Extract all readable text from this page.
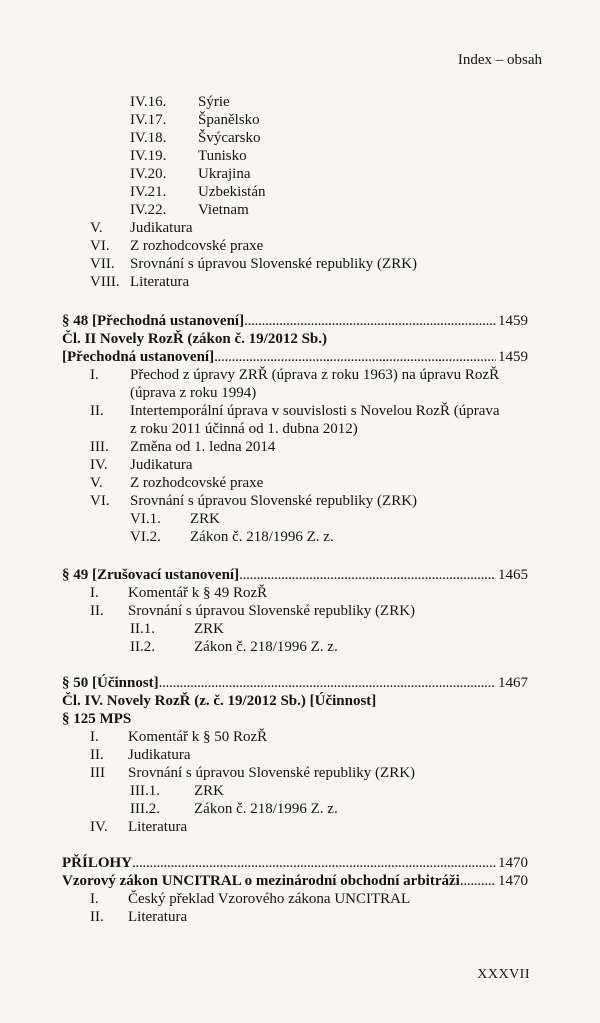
Index – obsah
IV.16. Sýrie
IV.17. Španělsko
IV.18. Švýcarsko
IV.19. Tunisko
IV.20. Ukrajina
IV.21. Uzbekistán
IV.22. Vietnam
V. Judikatura
VI. Z rozhodcovské praxe
VII. Srovnání s úpravou Slovenské republiky (ZRK)
VIII. Literatura
§ 48 [Přechodná ustanovení] . . .	1459
Čl. II Novely RozŘ (zákon č. 19/2012 Sb.)
[Přechodná ustanovení] . . .	1459
I. Přechod z úpravy ZRŘ (úprava z roku 1963) na úpravu RozŘ
(úprava z roku 1994)
II. Intertemporální úprava v souvislosti s Novelou RozŘ (úprava
z roku 2011 účinná od 1. dubna 2012)
III. Změna od 1. ledna 2014
IV. Judikatura
V. Z rozhodcovské praxe
VI. Srovnání s úpravou Slovenské republiky (ZRK)
VI.1. ZRK
VI.2. Zákon č. 218/1996 Z. z.
§ 49 [Zrušovací ustanovení] . . .	1465
I. Komentář k § 49 RozŘ
II. Srovnání s úpravou Slovenské republiky (ZRK)
II.1.	ZRK
II.2.	Zákon č. 218/1996 Z. z.
§ 50 [Účinnost] . . .	1467
Čl. IV. Novely RozŘ (z. č. 19/2012 Sb.) [Účinnost]
§ 125 MPS
I. Komentář k § 50 RozŘ
II. Judikatura
III Srovnání s úpravou Slovenské republiky (ZRK)
III.1. ZRK
III.2. Zákon č. 218/1996 Z. z.
IV. Literatura
PŘÍLOHY . . .	1470
Vzorový zákon UNCITRAL o mezinárodní obchodní arbitráži . . .	1470
I. Český překlad Vzorového zákona UNCITRAL
II. Literatura
XXXVII
